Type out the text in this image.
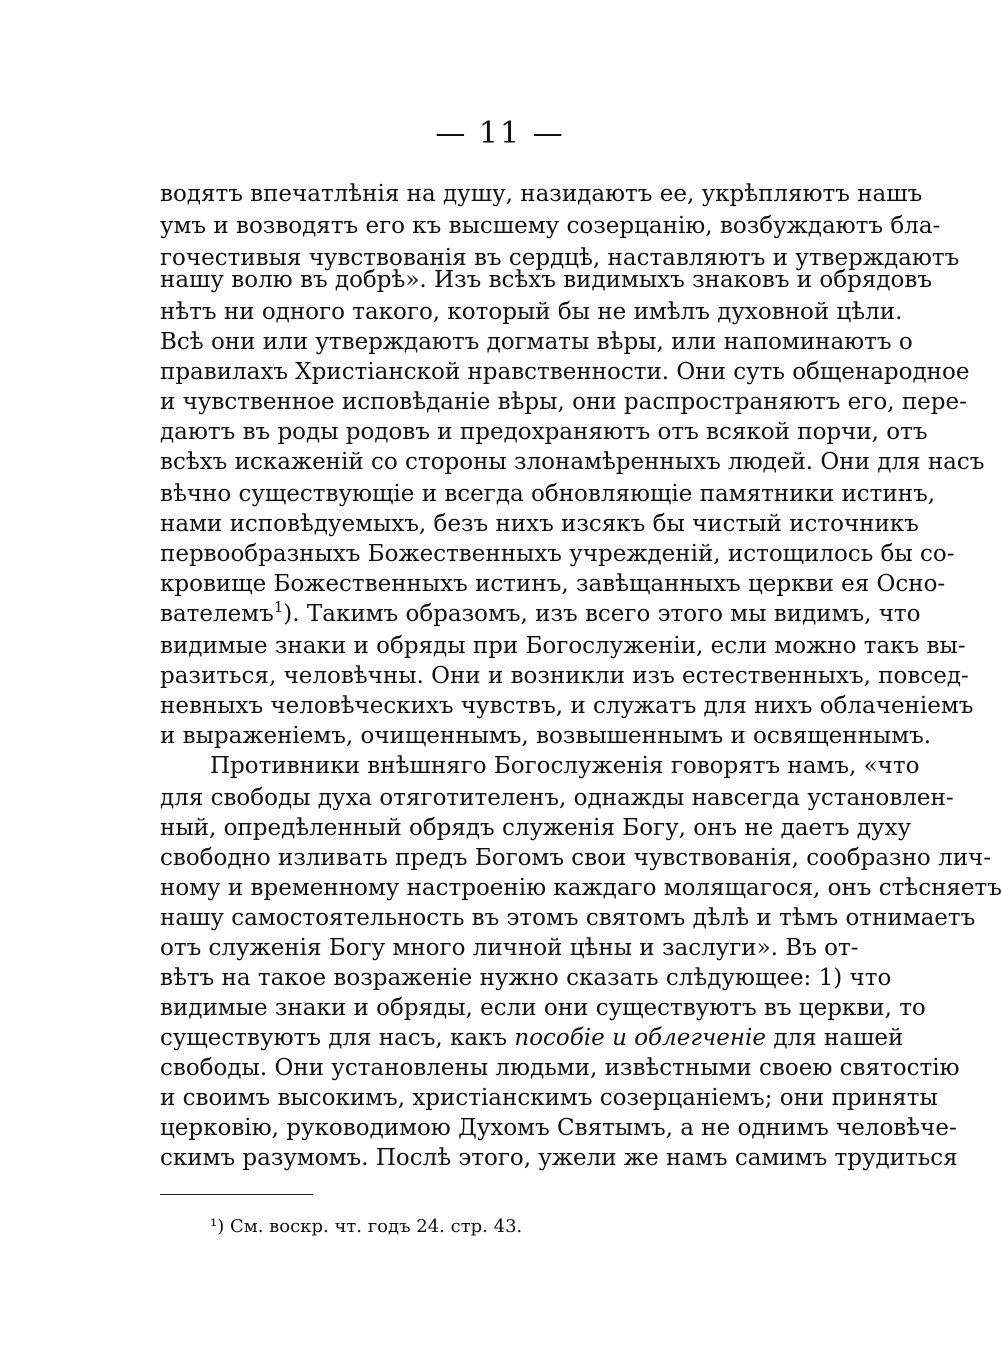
— 11 —
водятъ впечатлѣнія на душу, назидаютъ ее, укрѣпляютъ нашъ
умъ и возводятъ его къ высшему созерцанію, возбуждаютъ бла-
гочестивыя чувствованія въ сердцѣ, наставляютъ и утверждаютъ
нашу волю въ добрѣ». Изъ всѣхъ видимыхъ знаковъ и обрядовъ
нѣтъ ни одного такого, который бы не имѣлъ духовной цѣли.
Всѣ они или утверждаютъ догматы вѣры, или напоминаютъ о
правилахъ Христіанской нравственности. Они суть общенародное
и чувственное исповѣданіе вѣры, они распространяютъ его, пере-
даютъ въ роды родовъ и предохраняютъ отъ всякой порчи, отъ
всѣхъ искаженій со стороны злонамѣренныхъ людей. Они для насъ
вѣчно существующіе и всегда обновляющіе памятники истинъ,
нами исповѣдуемыхъ, безъ нихъ изсякъ бы чистый источникъ
первообразныхъ Божественныхъ учрежденій, истощилось бы со-
кровище Божественныхъ истинъ, завѣщанныхъ церкви ея Осно-
вателемъ$^1$). Такимъ образомъ, изъ всего этого мы видимъ, что
видимые знаки и обряды при Богослуженіи, если можно такъ вы-
разиться, человѣчны. Они и возникли изъ естественныхъ, повсед-
невныхъ человѣческихъ чувствъ, и служатъ для нихъ облаченіемъ
и выраженіемъ, очищеннымъ, возвышеннымъ и освященнымъ.
Противники внѣшняго Богослуженія говорятъ намъ, «что
для свободы духа отяготителенъ, однажды навсегда установлен-
ный, опредѣленный обрядъ служенія Богу, онъ не даетъ духу
свободно изливать предъ Богомъ свои чувствованія, сообразно лич-
ному и временному настроенію каждаго молящагося, онъ стѣсняетъ
нашу самостоятельность въ этомъ святомъ дѣлѣ и тѣмъ отнимаетъ
отъ служенія Богу много личной цѣны и заслуги». Въ от-
вѣтъ на такое возраженіе нужно сказать слѣдующее: 1) что
видимые знаки и обряды, если они существуютъ въ церкви, то
существуютъ для насъ, какъ пособіе и облегченіе для нашей
свободы. Они установлены людьми, извѣстными своею святостію
и своимъ высокимъ, христіанскимъ созерцаніемъ; они приняты
церковію, руководимою Духомъ Святымъ, а не однимъ человѣче-
скимъ разумомъ. Послѣ этого, ужели же намъ самимъ трудиться
¹) См. воскр. чт. годъ 24. стр. 43.
